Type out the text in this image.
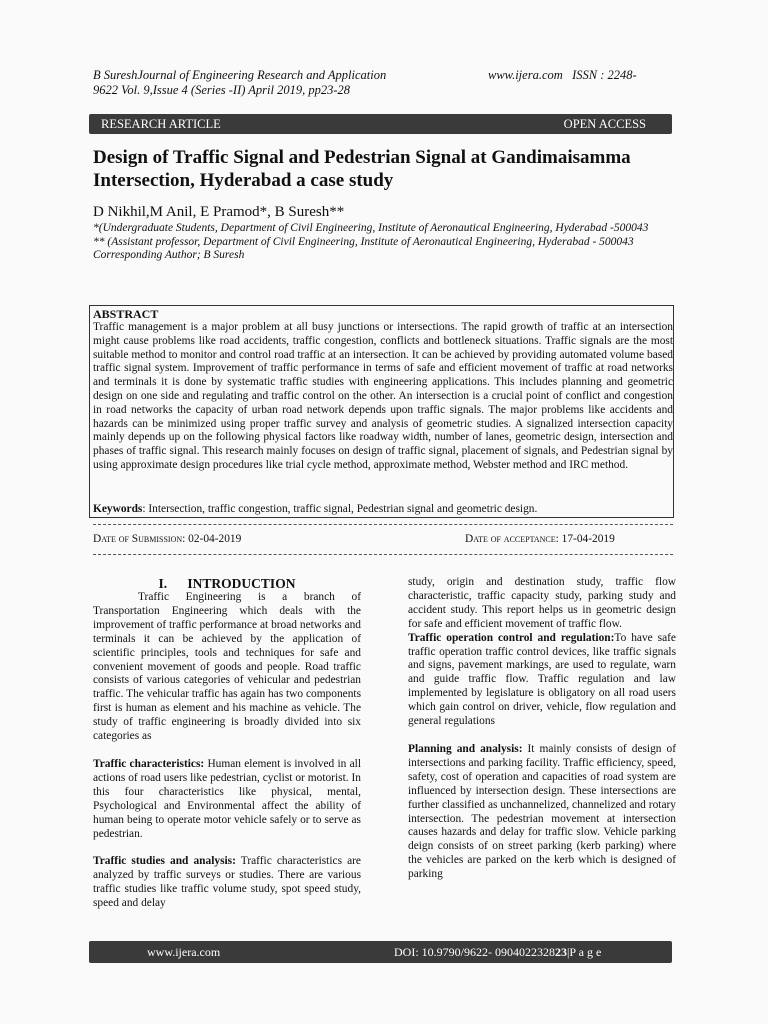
B SureshJournal of Engineering Research and Application
9622 Vol. 9,Issue 4 (Series -II) April 2019, pp23-28
www.ijera.com   ISSN : 2248-
RESEARCH ARTICLE	OPEN ACCESS
Design of Traffic Signal and Pedestrian Signal at Gandimaisamma Intersection, Hyderabad a case study
D Nikhil,M Anil, E Pramod*, B Suresh**
*(Undergraduate Students, Department of Civil Engineering, Institute of Aeronautical Engineering, Hyderabad -500043
** (Assistant professor, Department of Civil Engineering, Institute of Aeronautical Engineering, Hyderabad - 500043
Corresponding Author; B Suresh
ABSTRACT
Traffic management is a major problem at all busy junctions or intersections. The rapid growth of traffic at an intersection might cause problems like road accidents, traffic congestion, conflicts and bottleneck situations. Traffic signals are the most suitable method to monitor and control road traffic at an intersection. It can be achieved by providing automated volume based traffic signal system. Improvement of traffic performance in terms of safe and efficient movement of traffic at road networks and terminals it is done by systematic traffic studies with engineering applications. This includes planning and geometric design on one side and regulating and traffic control on the other. An intersection is a crucial point of conflict and congestion in road networks the capacity of urban road network depends upon traffic signals. The major problems like accidents and hazards can be minimized using proper traffic survey and analysis of geometric studies. A signalized intersection capacity mainly depends up on the following physical factors like roadway width, number of lanes, geometric design, intersection and phases of traffic signal. This research mainly focuses on design of traffic signal, placement of signals, and Pedestrian signal by using approximate design procedures like trial cycle method, approximate method, Webster method and IRC method.
Keywords: Intersection, traffic congestion, traffic signal, Pedestrian signal and geometric design.
Date of Submission: 02-04-2019	Date of acceptance: 17-04-2019

I.      INTRODUCTION

Traffic Engineering is a branch of Transportation Engineering which deals with the improvement of traffic performance at broad networks and terminals it can be achieved by the application of scientific principles, tools and techniques for safe and convenient movement of goods and people. Road traffic consists of various categories of vehicular and pedestrian traffic. The vehicular traffic has again has two components first is human as element and his machine as vehicle. The study of traffic engineering is broadly divided into six categories as

Traffic characteristics: Human element is involved in all actions of road users like pedestrian, cyclist or motorist. In this four characteristics like physical, mental, Psychological and Environmental affect the ability of human being to operate motor vehicle safely or to serve as pedestrian.

Traffic studies and analysis: Traffic characteristics are analyzed by traffic surveys or studies. There are various traffic studies like traffic volume study, spot speed study, speed and delay

study, origin and destination study, traffic flow characteristic, traffic capacity study, parking study and accident study. This report helps us in geometric design for safe and efficient movement of traffic flow.

Traffic operation control and regulation:To have safe traffic operation traffic control devices, like traffic signals and signs, pavement markings, are used to regulate, warn and guide traffic flow. Traffic regulation and law implemented by legislature is obligatory on all road users which gain control on driver, vehicle, flow regulation and general regulations

Planning and analysis: It mainly consists of design of intersections and parking facility. Traffic efficiency, speed, safety, cost of operation and capacities of road system are influenced by intersection design. These intersections are further classified as unchannelized, channelized and rotary intersection. The pedestrian movement at intersection causes hazards and delay for traffic slow. Vehicle parking deign consists of on street parking (kerb parking) where the vehicles are parked on the kerb which is designed of parking

www.ijera.com	DOI: 10.9790/9622- 090402232823|P a g e
